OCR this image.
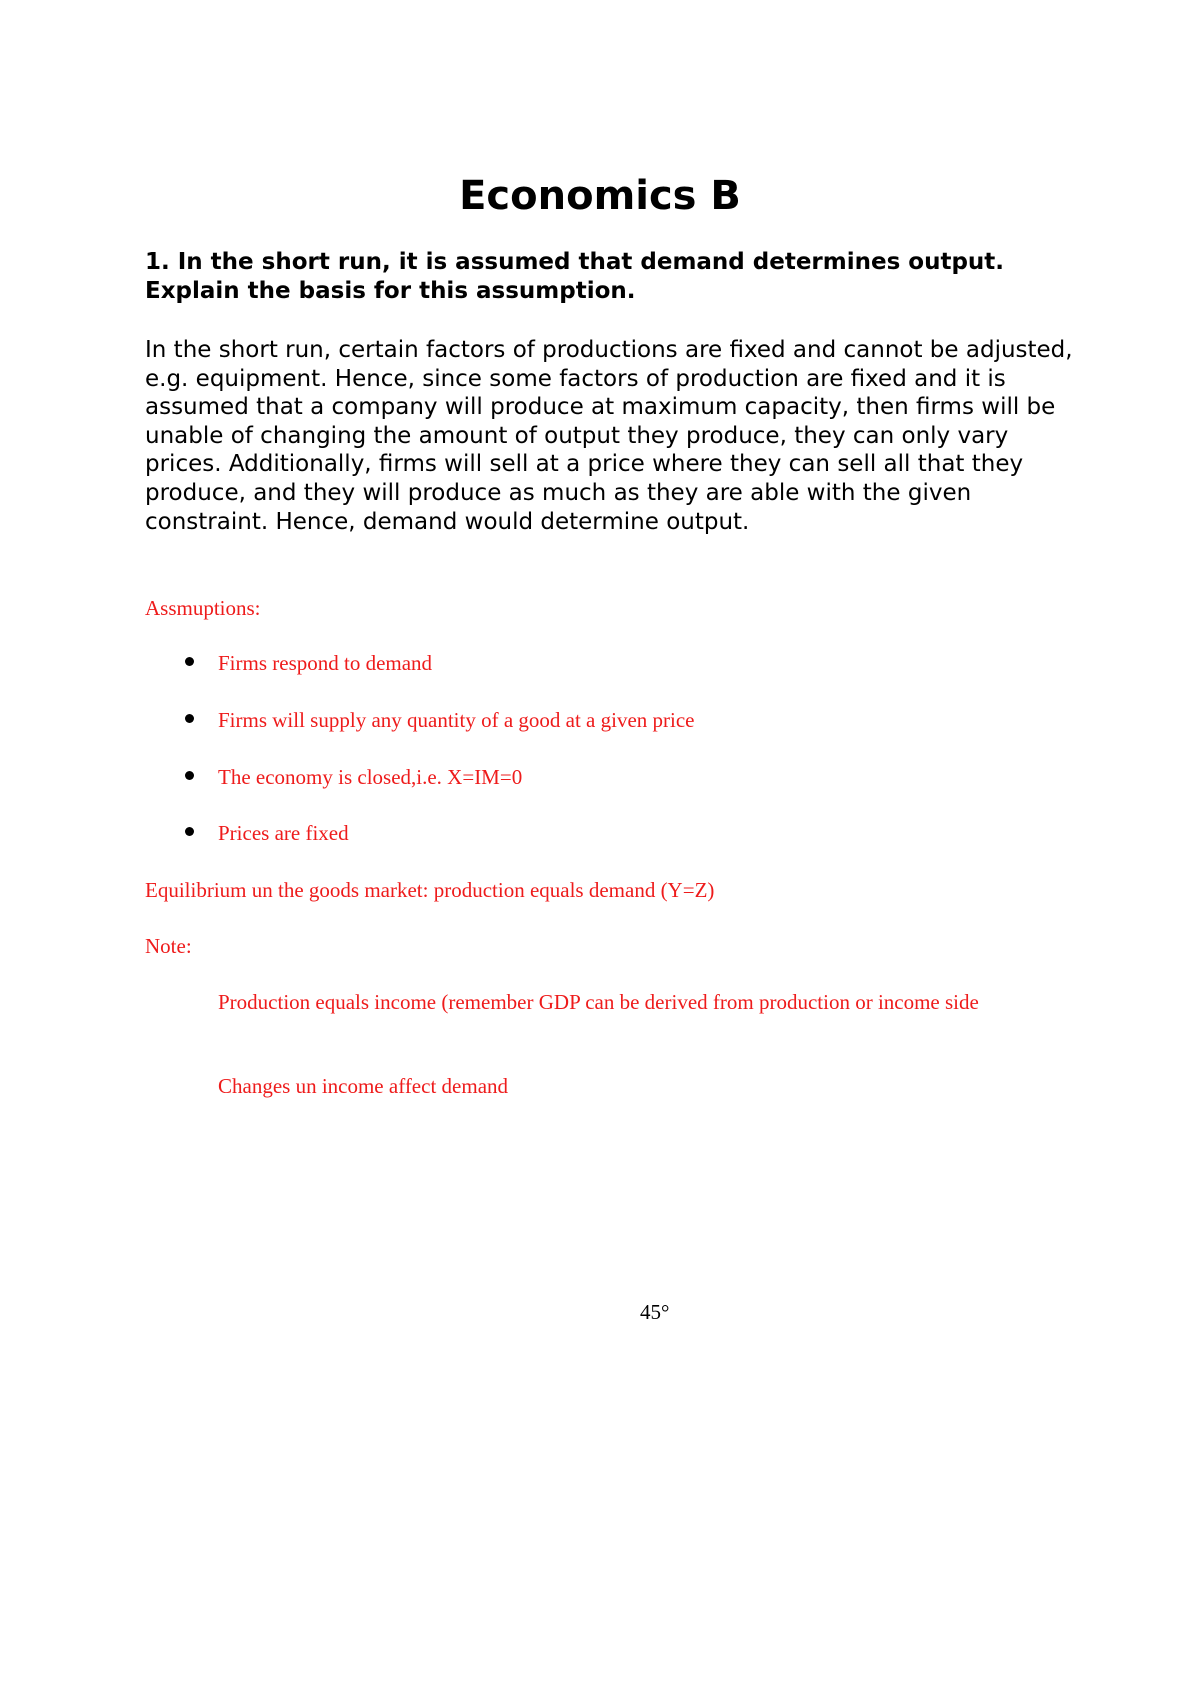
Economics B

1. In the short run, it is assumed that demand determines output. Explain the basis for this assumption.

In the short run, certain factors of productions are fixed and cannot be adjusted, e.g. equipment. Hence, since some factors of production are fixed and it is assumed that a company will produce at maximum capacity, then firms will be unable of changing the amount of output they produce, they can only vary prices. Additionally, firms will sell at a price where they can sell all that they produce, and they will produce as much as they are able with the given constraint. Hence, demand would determine output.

Assmuptions:

Firms respond to demand

Firms will supply any quantity of a good at a given price

The economy is closed,i.e. X=IM=0

Prices are fixed

Equilibrium un the goods market: production equals demand (Y=Z)

Note:

Production equals income (remember GDP can be derived from production or income side

Changes un income affect demand

45°
